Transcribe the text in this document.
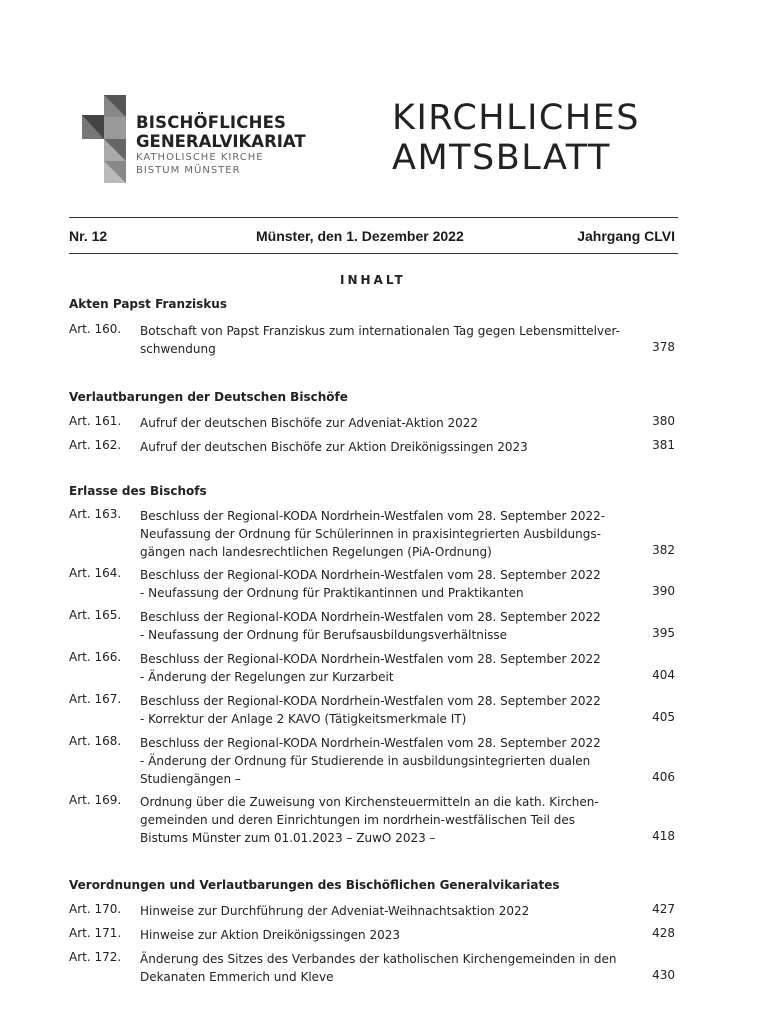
BISCHÖFLICHES
GENERALVIKARIAT
KATHOLISCHE KIRCHE
BISTUM MÜNSTER
KIRCHLICHES
AMTSBLATT
Nr. 12	Münster, den 1. Dezember 2022	Jahrgang CLVI
INHALT
Akten Papst Franziskus
Art. 160. Botschaft von Papst Franziskus zum internationalen Tag gegen Lebensmittelver-
schwendung	378
Verlautbarungen der Deutschen Bischöfe
Art. 161. Aufruf der deutschen Bischöfe zur Adveniat-Aktion 2022	380
Art. 162. Aufruf der deutschen Bischöfe zur Aktion Dreikönigssingen 2023	381
Erlasse des Bischofs
Art. 163. Beschluss der Regional-KODA Nordrhein-Westfalen vom 28. September 2022-
Neufassung der Ordnung für Schülerinnen in praxisintegrierten Ausbildungs-
gängen nach landesrechtlichen Regelungen (PiA-Ordnung)	382
Art. 164. Beschluss der Regional-KODA Nordrhein-Westfalen vom 28. September 2022
- Neufassung der Ordnung für Praktikantinnen und Praktikanten	390
Art. 165. Beschluss der Regional-KODA Nordrhein-Westfalen vom 28. September 2022
- Neufassung der Ordnung für Berufsausbildungsverhältnisse	395
Art. 166. Beschluss der Regional-KODA Nordrhein-Westfalen vom 28. September 2022
- Änderung der Regelungen zur Kurzarbeit	404
Art. 167. Beschluss der Regional-KODA Nordrhein-Westfalen vom 28. September 2022
- Korrektur der Anlage 2 KAVO (Tätigkeitsmerkmale IT)	405
Art. 168. Beschluss der Regional-KODA Nordrhein-Westfalen vom 28. September 2022
- Änderung der Ordnung für Studierende in ausbildungsintegrierten dualen
Studiengängen –	406
Art. 169. Ordnung über die Zuweisung von Kirchensteuermitteln an die kath. Kirchen-
gemeinden und deren Einrichtungen im nordrhein-westfälischen Teil des
Bistums Münster zum 01.01.2023 – ZuwO 2023 –	418
Verordnungen und Verlautbarungen des Bischöflichen Generalvikariates
Art. 170. Hinweise zur Durchführung der Adveniat-Weihnachtsaktion 2022	427
Art. 171. Hinweise zur Aktion Dreikönigssingen 2023	428
Art. 172. Änderung des Sitzes des Verbandes der katholischen Kirchengemeinden in den
Dekanaten Emmerich und Kleve	430
